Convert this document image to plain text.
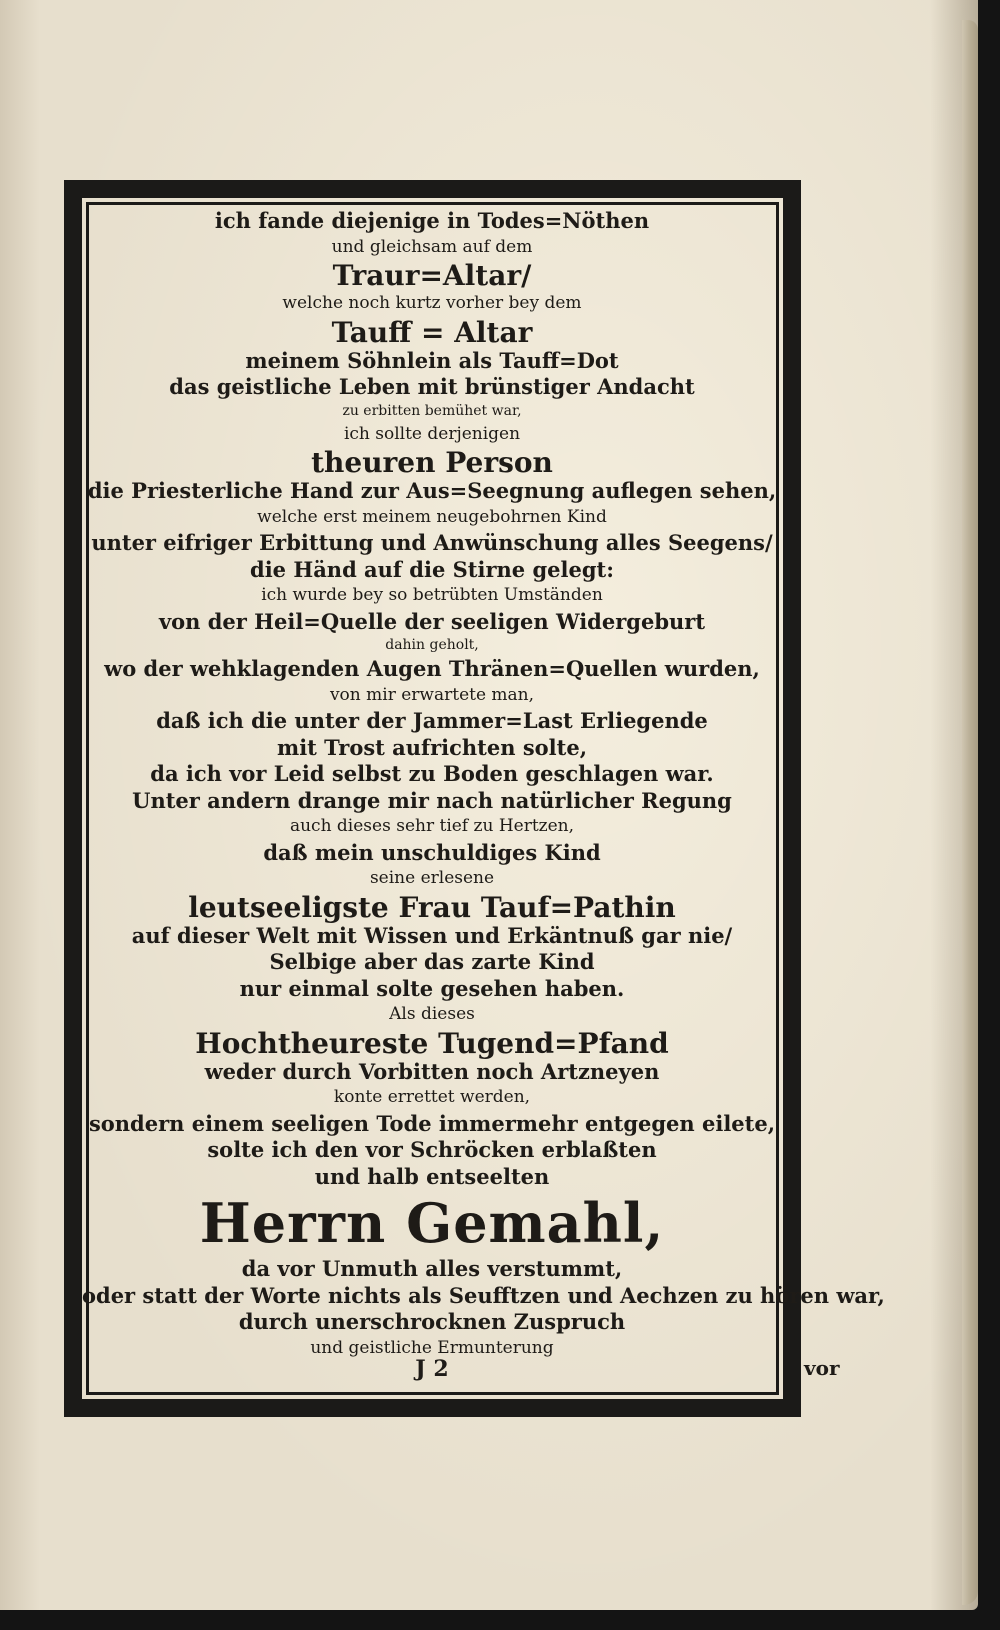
ich fande diejenige in Todes=Nöthen
und gleichsam auf dem
Traur=Altar/
welche noch kurtz vorher bey dem
Tauff = Altar
meinem Söhnlein als Tauff=Dot
das geistliche Leben mit brünstiger Andacht
zu erbitten bemühet war,
ich sollte derjenigen
theuren Person
die Priesterliche Hand zur Aus=Seegnung auflegen sehen,
welche erst meinem neugebohrnen Kind
unter eifriger Erbittung und Anwünschung alles Seegens/
die Händ auf die Stirne gelegt:
ich wurde bey so betrübten Umständen
von der Heil=Quelle der seeligen Widergeburt
dahin geholt,
wo der wehklagenden Augen Thränen=Quellen wurden,
von mir erwartete man,
daß ich die unter der Jammer=Last Erliegende
mit Trost aufrichten solte,
da ich vor Leid selbst zu Boden geschlagen war.
Unter andern drange mir nach natürlicher Regung
auch dieses sehr tief zu Hertzen,
daß mein unschuldiges Kind
seine erlesene
leutseeligste Frau Tauf=Pathin
auf dieser Welt mit Wissen und Erkäntnuß gar nie/
Selbige aber das zarte Kind
nur einmal solte gesehen haben.
Als dieses
Hochtheureste Tugend=Pfand
weder durch Vorbitten noch Artzneyen
konte errettet werden,
sondern einem seeligen Tode immermehr entgegen eilete,
solte ich den vor Schröcken erblaßten
und halb entseelten
Herrn Gemahl,
da vor Unmuth alles verstummt,
oder statt der Worte nichts als Seufftzen und Aechzen zu hören war,
durch unerschrocknen Zuspruch
und geistliche Ermunterung
J 2	vor
